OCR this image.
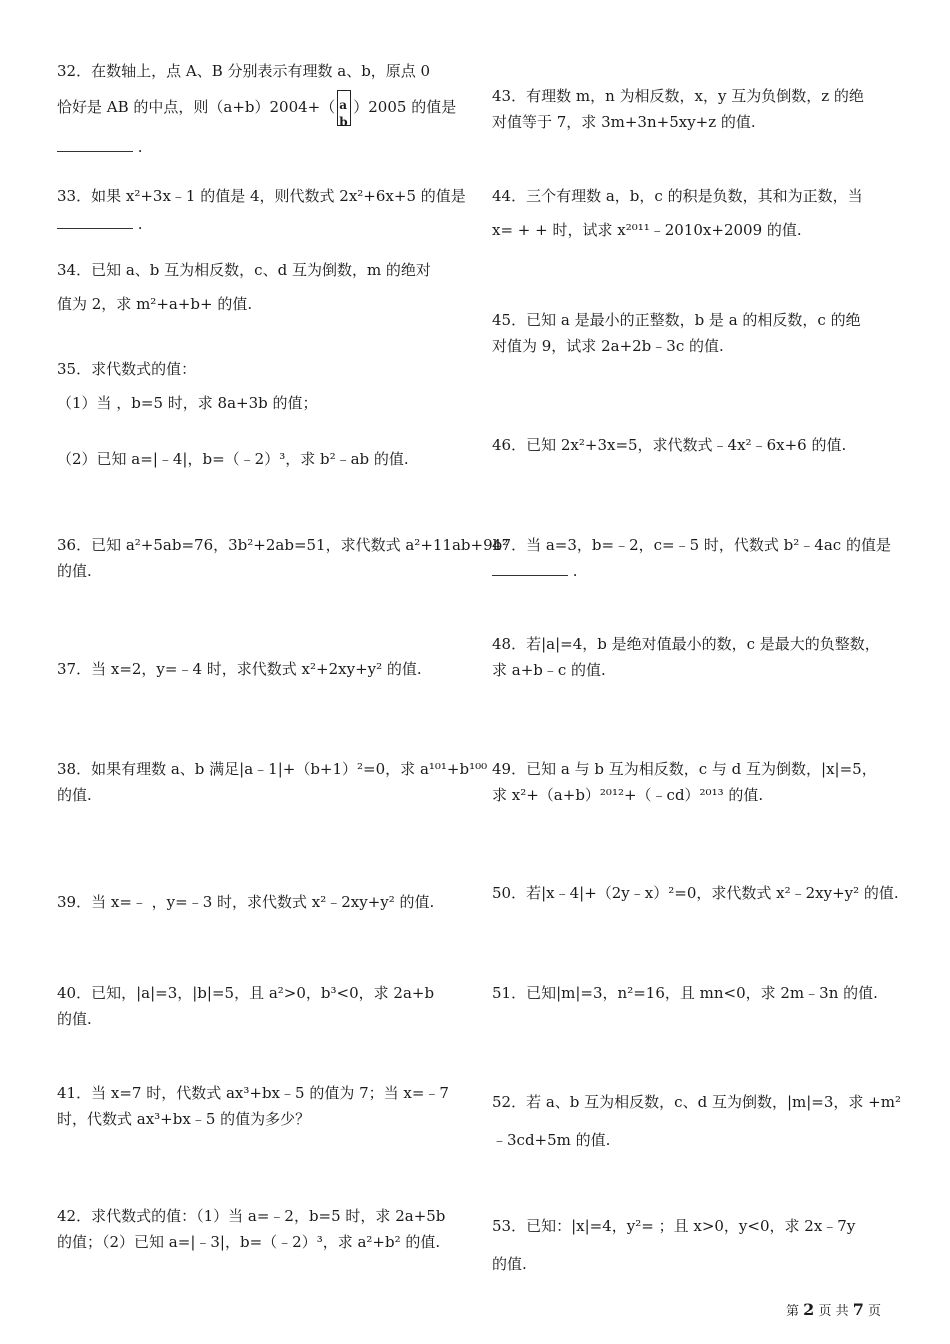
32．在数轴上，点 A、B 分别表示有理数 a、b，原点 0
恰好是 AB 的中点，则（a+b）2004+（ a
b
）2005 的值是
.
33．如果 x²+3x﹣1 的值是 4，则代数式 2x²+6x+5 的值是
.
34．已知 a、b 互为相反数，c、d 互为倒数，m 的绝对
值为 2，求 m²+a+b+ 的值.
35．求代数式的值：
（1）当 ，b=5 时，求 8a+3b 的值；
（2）已知 a=|﹣4|，b=（﹣2）³，求 b²﹣ab 的值.
36．已知 a²+5ab=76，3b²+2ab=51，求代数式 a²+11ab+9b²
的值.
37．当 x=2，y=﹣4 时，求代数式 x²+2xy+y² 的值.
38．如果有理数 a、b 满足|a﹣1|+（b+1）²=0，求 a¹⁰¹+b¹⁰⁰
的值.
39．当 x=﹣ ，y=﹣3 时，求代数式 x²﹣2xy+y² 的值.
40．已知，|a|=3，|b|=5，且 a²>0，b³<0，求 2a+b
的值.
41．当 x=7 时，代数式 ax³+bx﹣5 的值为 7；当 x=﹣7
时，代数式 ax³+bx﹣5 的值为多少？
42．求代数式的值：（1）当 a=﹣2，b=5 时，求 2a+5b
的值；（2）已知 a=|﹣3|，b=（﹣2）³，求 a²+b² 的值.
43．有理数 m，n 为相反数，x，y 互为负倒数，z 的绝
对值等于 7，求 3m+3n+5xy+z 的值.
44．三个有理数 a，b，c 的积是负数，其和为正数，当
x= + + 时，试求 x²⁰¹¹﹣2010x+2009 的值.
45．已知 a 是最小的正整数，b 是 a 的相反数，c 的绝
对值为 9，试求 2a+2b﹣3c 的值.
46．已知 2x²+3x=5，求代数式﹣4x²﹣6x+6 的值.
47．当 a=3，b=﹣2，c=﹣5 时，代数式 b²﹣4ac 的值是
.
48．若|a|=4，b 是绝对值最小的数，c 是最大的负整数，
求 a+b﹣c 的值.
49．已知 a 与 b 互为相反数，c 与 d 互为倒数，|x|=5，
求 x²+（a+b）²⁰¹²+（﹣cd）²⁰¹³ 的值.
50．若|x﹣4|+（2y﹣x）²=0，求代数式 x²﹣2xy+y² 的值.
51．已知|m|=3，n²=16，且 mn<0，求 2m﹣3n 的值.
52．若 a、b 互为相反数，c、d 互为倒数，|m|=3，求 +m²
﹣3cd+5m 的值.
53．已知：|x|=4，y²= ；且 x>0，y<0，求 2x﹣7y
的值.
第 2 页 共 7 页
